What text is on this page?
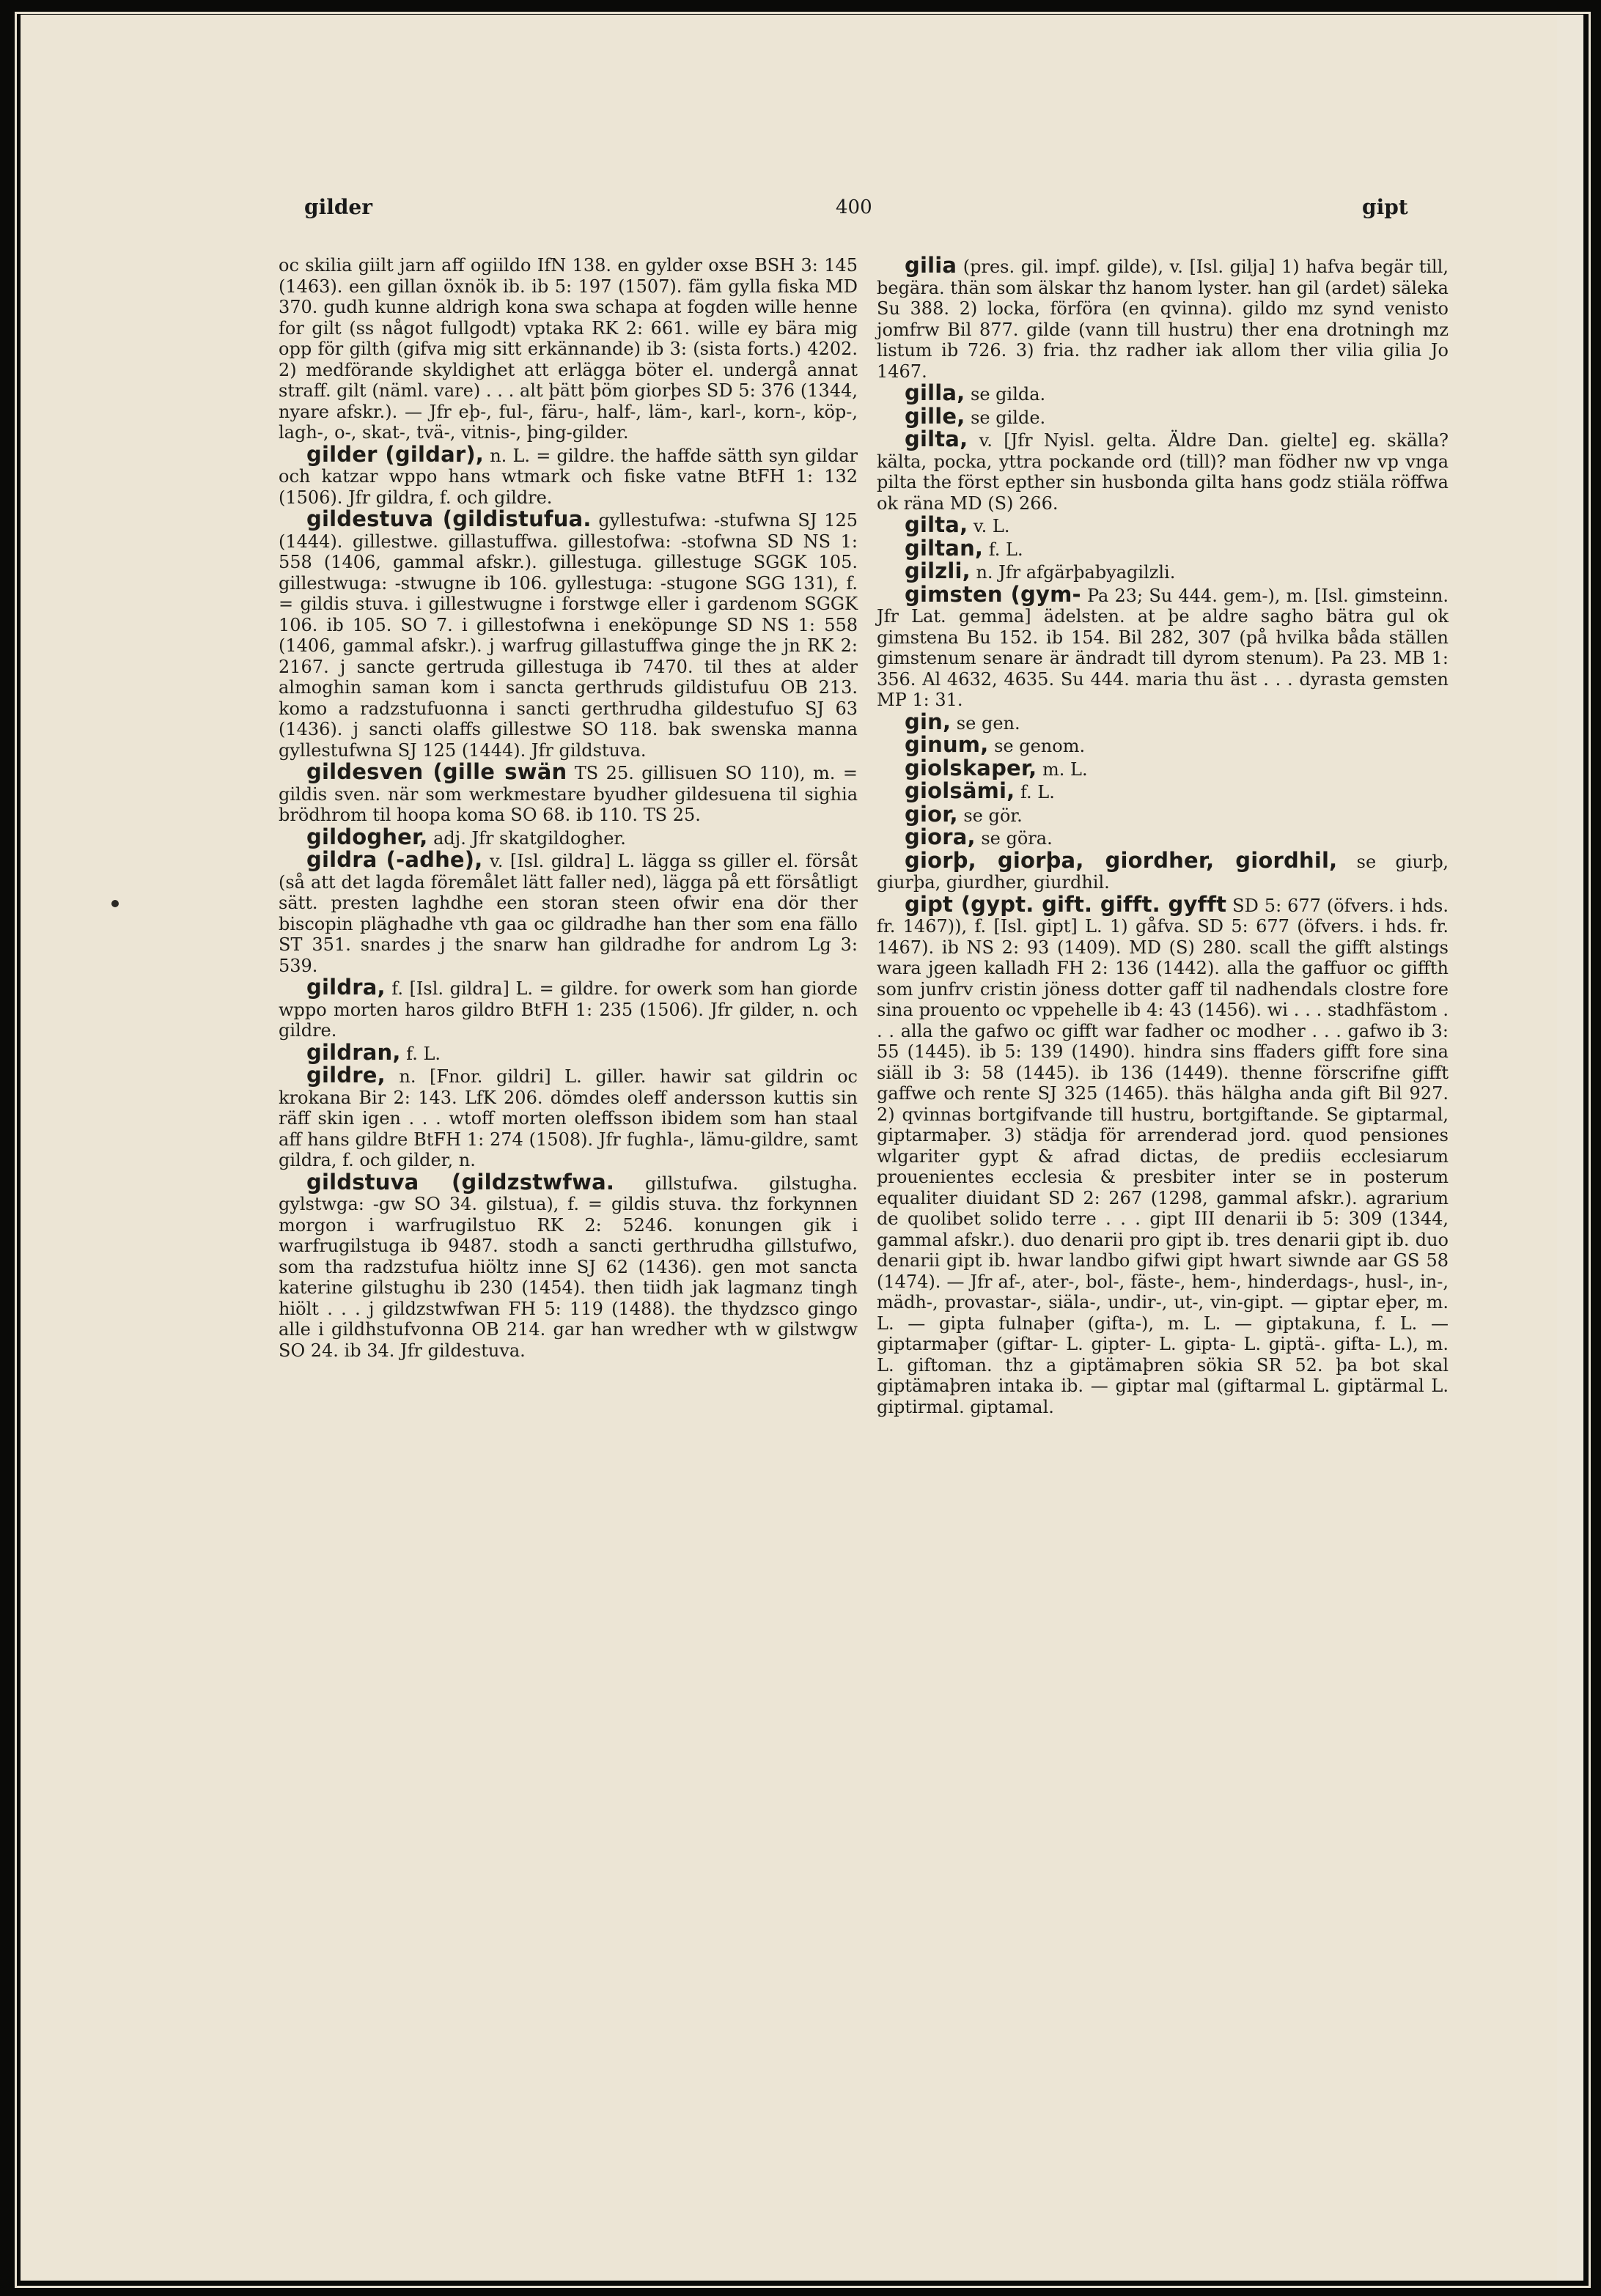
gilder	400	gipt
oc skilia giilt jarn aff ogiildo IfN 138. en gylder oxse BSH 3: 145 (1463). een gillan öxnök ib. ib 5: 197 (1507). fäm gylla fiska MD 370. gudh kunne aldrigh kona swa schapa at fogden wille henne for gilt (ss något fullgodt) vptaka RK 2: 661. wille ey bära mig opp för gilth (gifva mig sitt erkännande) ib 3: (sista forts.) 4202. 2) medförande skyldighet att erlägga böter el. undergå annat straff. gilt (näml. vare) . . . alt þätt þöm giorþes SD 5: 376 (1344, nyare afskr.). — Jfr eþ-, ful-, färu-, half-, läm-, karl-, korn-, köp-, lagh-, o-, skat-, tvä-, vitnis-, þing-gilder.
gilder (gildar), n. L. = gildre. the haffde sätth syn gildar och katzar wppo hans wtmark och fiske vatne BtFH 1: 132 (1506). Jfr gildra, f. och gildre.
gildestuva (gildistufua. gyllestufwa: -stufwna SJ 125 (1444). gillestwe. gillastuffwa. gillestofwa: -stofwna SD NS 1: 558 (1406, gammal afskr.). gillestuga. gillestuge SGGK 105. gillestwuga: -stwugne ib 106. gyllestuga: -stugone SGG 131), f. = gildis stuva. i gillestwugne i forstwge eller i gardenom SGGK 106. ib 105. SO 7. i gillestofwna i eneköpunge SD NS 1: 558 (1406, gammal afskr.). j warfrug gillastuffwa ginge the jn RK 2: 2167. j sancte gertruda gillestuga ib 7470. til thes at alder almoghin saman kom i sancta gerthruds gildistufuu OB 213. komo a radzstufuonna i sancti gerthrudha gildestufuo SJ 63 (1436). j sancti olaffs gillestwe SO 118. bak swenska manna gyllestufwna SJ 125 (1444). Jfr gildstuva.
gildesven (gille swän TS 25. gillisuen SO 110), m. = gildis sven. när som werkmestare byudher gildesuena til sighia brödhrom til hoopa koma SO 68. ib 110. TS 25.
gildogher, adj. Jfr skatgildogher.
gildra (-adhe), v. [Isl. gildra] L. lägga ss giller el. försåt (så att det lagda föremålet lätt faller ned), lägga på ett försåtligt sätt. presten laghdhe een storan steen ofwir ena dör ther biscopin pläghadhe vth gaa oc gildradhe han ther som ena fällo ST 351. snardes j the snarw han gildradhe for androm Lg 3: 539.
gildra, f. [Isl. gildra] L. = gildre. for owerk som han giorde wppo morten haros gildro BtFH 1: 235 (1506). Jfr gilder, n. och gildre.
gildran, f. L.
gildre, n. [Fnor. gildri] L. giller. hawir sat gildrin oc krokana Bir 2: 143. LfK 206. dömdes oleff andersson kuttis sin räff skin igen . . . wtoff morten oleffsson ibidem som han staal aff hans gildre BtFH 1: 274 (1508). Jfr fughla-, lämu-gildre, samt gildra, f. och gilder, n.
gildstuva (gildzstwfwa. gillstufwa. gilstugha. gylstwga: -gw SO 34. gilstua), f. = gildis stuva. thz forkynnen morgon i warfrugilstuo RK 2: 5246. konungen gik i warfrugilstuga ib 9487. stodh a sancti gerthrudha gillstufwo, som tha radzstufua hiöltz inne SJ 62 (1436). gen mot sancta katerine gilstughu ib 230 (1454). then tiidh jak lagmanz tingh hiölt . . . j gildzstwfwan FH 5: 119 (1488). the thydzsco gingo alle i gildhstufvonna OB 214. gar han wredher wth w gilstwgw SO 24. ib 34. Jfr gildestuva.
gilia (pres. gil. impf. gilde), v. [Isl. gilja] 1) hafva begär till, begära. thän som älskar thz hanom lyster. han gil (ardet) säleka Su 388. 2) locka, förföra (en qvinna). gildo mz synd venisto jomfrw Bil 877. gilde (vann till hustru) ther ena drotningh mz listum ib 726. 3) fria. thz radher iak allom ther vilia gilia Jo 1467.
gilla, se gilda.
gille, se gilde.
gilta, v. [Jfr Nyisl. gelta. Äldre Dan. gielte] eg. skälla? kälta, pocka, yttra pockande ord (till)? man födher nw vp vnga pilta the först epther sin husbonda gilta hans godz stiäla röffwa ok räna MD (S) 266.
gilta, v. L.
giltan, f. L.
gilzli, n. Jfr afgärþabyagilzli.
gimsten (gym- Pa 23; Su 444. gem-), m. [Isl. gimsteinn. Jfr Lat. gemma] ädelsten. at þe aldre sagho bätra gul ok gimstena Bu 152. ib 154. Bil 282, 307 (på hvilka båda ställen gimstenum senare är ändradt till dyrom stenum). Pa 23. MB 1: 356. Al 4632, 4635. Su 444. maria thu äst . . . dyrasta gemsten MP 1: 31.
gin, se gen.
ginum, se genom.
giolskaper, m. L.
giolsämi, f. L.
gior, se gör.
giora, se göra.
giorþ, giorþa, giordher, giordhil, se giurþ, giurþa, giurdher, giurdhil.
gipt (gypt. gift. gifft. gyfft SD 5: 677 (öfvers. i hds. fr. 1467)), f. [Isl. gipt] L. 1) gåfva. SD 5: 677 (öfvers. i hds. fr. 1467). ib NS 2: 93 (1409). MD (S) 280. scall the gifft alstings wara jgeen kalladh FH 2: 136 (1442). alla the gaffuor oc giffth som junfrv cristin jöness dotter gaff til nadhendals clostre fore sina prouento oc vppehelle ib 4: 43 (1456). wi . . . stadhfästom . . . alla the gafwo oc gifft war fadher oc modher . . . gafwo ib 3: 55 (1445). ib 5: 139 (1490). hindra sins ffaders gifft fore sina siäll ib 3: 58 (1445). ib 136 (1449). thenne förscrifne gifft gaffwe och rente SJ 325 (1465). thäs hälgha anda gift Bil 927. 2) qvinnas bortgifvande till hustru, bortgiftande. Se giptarmal, giptarmaþer. 3) städja för arrenderad jord. quod pensiones wlgariter gypt & afrad dictas, de prediis ecclesiarum prouenientes ecclesia & presbiter inter se in posterum equaliter diuidant SD 2: 267 (1298, gammal afskr.). agrarium de quolibet solido terre . . . gipt III denarii ib 5: 309 (1344, gammal afskr.). duo denarii pro gipt ib. tres denarii gipt ib. duo denarii gipt ib. hwar landbo gifwi gipt hwart siwnde aar GS 58 (1474). — Jfr af-, ater-, bol-, fäste-, hem-, hinderdags-, husl-, in-, mädh-, provastar-, siäla-, undir-, ut-, vin-gipt. — giptar eþer, m. L. — gipta fulnaþer (gifta-), m. L. — giptakuna, f. L. — giptarmaþer (giftar- L. gipter- L. gipta- L. giptä-. gifta- L.), m. L. giftoman. thz a giptämaþren sökia SR 52. þa bot skal giptämaþren intaka ib. — giptar mal (giftarmal L. giptärmal L. giptirmal. giptamal.
